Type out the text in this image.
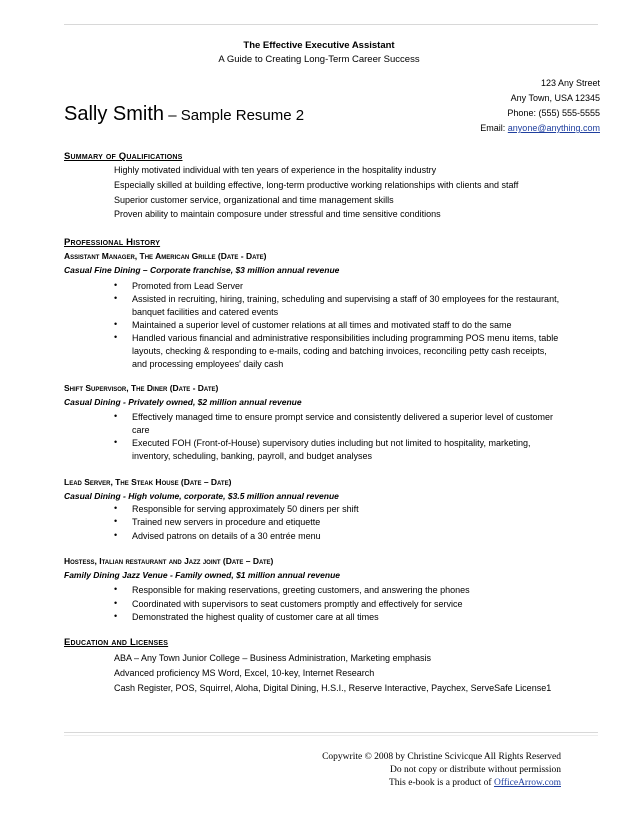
The Effective Executive Assistant
A Guide to Creating Long-Term Career Success
123 Any Street
Any Town, USA 12345
Phone: (555) 555-5555
Email: anyone@anything.com
Sally Smith – Sample Resume 2
Summary of Qualifications
Highly motivated individual with ten years of experience in the hospitality industry
Especially skilled at building effective, long-term productive working relationships with clients and staff
Superior customer service, organizational and time management skills
Proven ability to maintain composure under stressful and time sensitive conditions
Professional History
Assistant Manager, The American Grille (Date - Date)
Casual Fine Dining – Corporate franchise, $3 million annual revenue
•	Promoted from Lead Server
•	Assisted in recruiting, hiring, training, scheduling and supervising a staff of 30 employees for the restaurant, banquet facilities and catered events
•	Maintained a superior level of customer relations at all times and motivated staff to do the same
•	Handled various financial and administrative responsibilities including programming POS menu items, table layouts, checking & responding to e-mails, coding and batching invoices, reconciling petty cash receipts, and processing employees' daily cash
Shift Supervisor, The Diner (Date - Date)
Casual Dining - Privately owned, $2 million annual revenue
•	Effectively managed time to ensure prompt service and consistently delivered a superior level of customer care
•	Executed FOH (Front-of-House) supervisory duties including but not limited to hospitality, marketing, inventory, scheduling, banking, payroll, and budget analyses
Lead Server, The Steak House (Date – Date)
Casual Dining - High volume, corporate, $3.5 million annual revenue
•	Responsible for serving approximately 50 diners per shift
•	Trained new servers in procedure and etiquette
•	Advised patrons on details of a 30 entrée menu
Hostess, Italian restaurant and Jazz joint (Date – Date)
Family Dining Jazz Venue - Family owned, $1 million annual revenue
•	Responsible for making reservations, greeting customers, and answering the phones
•	Coordinated with supervisors to seat customers promptly and effectively for service
•	Demonstrated the highest quality of customer care at all times
Education and Licenses
ABA – Any Town Junior College – Business Administration, Marketing emphasis
Advanced proficiency MS Word, Excel, 10-key, Internet Research
Cash Register, POS, Squirrel, Aloha, Digital Dining, H.S.I., Reserve Interactive, Paychex, ServeSafe License1
Copywrite © 2008 by Christine Scivicque All Rights Reserved
Do not copy or distribute without permission
This e-book is a product of OfficeArrow.com
